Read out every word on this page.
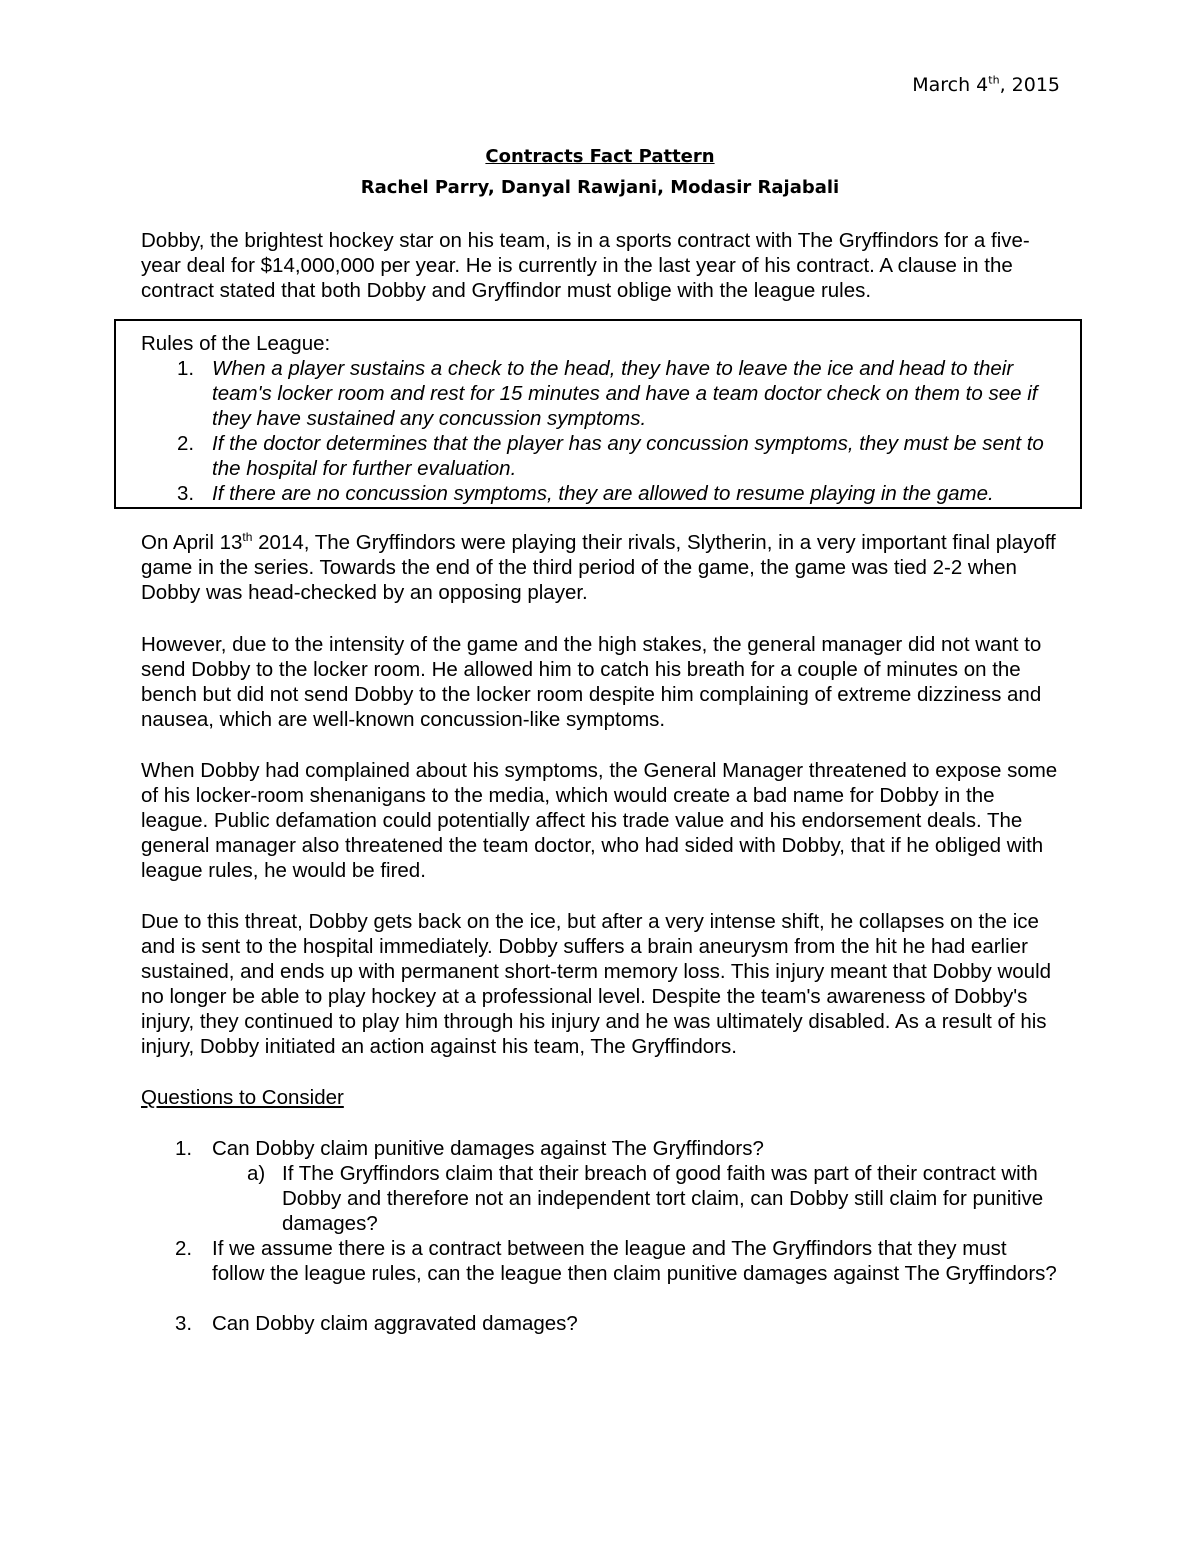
March 4th, 2015
Contracts Fact Pattern
Rachel Parry, Danyal Rawjani, Modasir Rajabali

Dobby, the brightest hockey star on his team, is in a sports contract with The Gryffindors for a five-year deal for $14,000,000 per year. He is currently in the last year of his contract. A clause in the contract stated that both Dobby and Gryffindor must oblige with the league rules.

Rules of the League:
1. When a player sustains a check to the head, they have to leave the ice and head to their team's locker room and rest for 15 minutes and have a team doctor check on them to see if they have sustained any concussion symptoms.
2. If the doctor determines that the player has any concussion symptoms, they must be sent to the hospital for further evaluation.
3. If there are no concussion symptoms, they are allowed to resume playing in the game.

On April 13th 2014, The Gryffindors were playing their rivals, Slytherin, in a very important final playoff game in the series. Towards the end of the third period of the game, the game was tied 2-2 when Dobby was head-checked by an opposing player.

However, due to the intensity of the game and the high stakes, the general manager did not want to send Dobby to the locker room. He allowed him to catch his breath for a couple of minutes on the bench but did not send Dobby to the locker room despite him complaining of extreme dizziness and nausea, which are well-known concussion-like symptoms.

When Dobby had complained about his symptoms, the General Manager threatened to expose some of his locker-room shenanigans to the media, which would create a bad name for Dobby in the league. Public defamation could potentially affect his trade value and his endorsement deals. The general manager also threatened the team doctor, who had sided with Dobby, that if he obliged with league rules, he would be fired.

Due to this threat, Dobby gets back on the ice, but after a very intense shift, he collapses on the ice and is sent to the hospital immediately. Dobby suffers a brain aneurysm from the hit he had earlier sustained, and ends up with permanent short-term memory loss. This injury meant that Dobby would no longer be able to play hockey at a professional level. Despite the team's awareness of Dobby's injury, they continued to play him through his injury and he was ultimately disabled. As a result of his injury, Dobby initiated an action against his team, The Gryffindors.

Questions to Consider
1. Can Dobby claim punitive damages against The Gryffindors?
a) If The Gryffindors claim that their breach of good faith was part of their contract with Dobby and therefore not an independent tort claim, can Dobby still claim for punitive damages?
2. If we assume there is a contract between the league and The Gryffindors that they must follow the league rules, can the league then claim punitive damages against The Gryffindors?
3. Can Dobby claim aggravated damages?
